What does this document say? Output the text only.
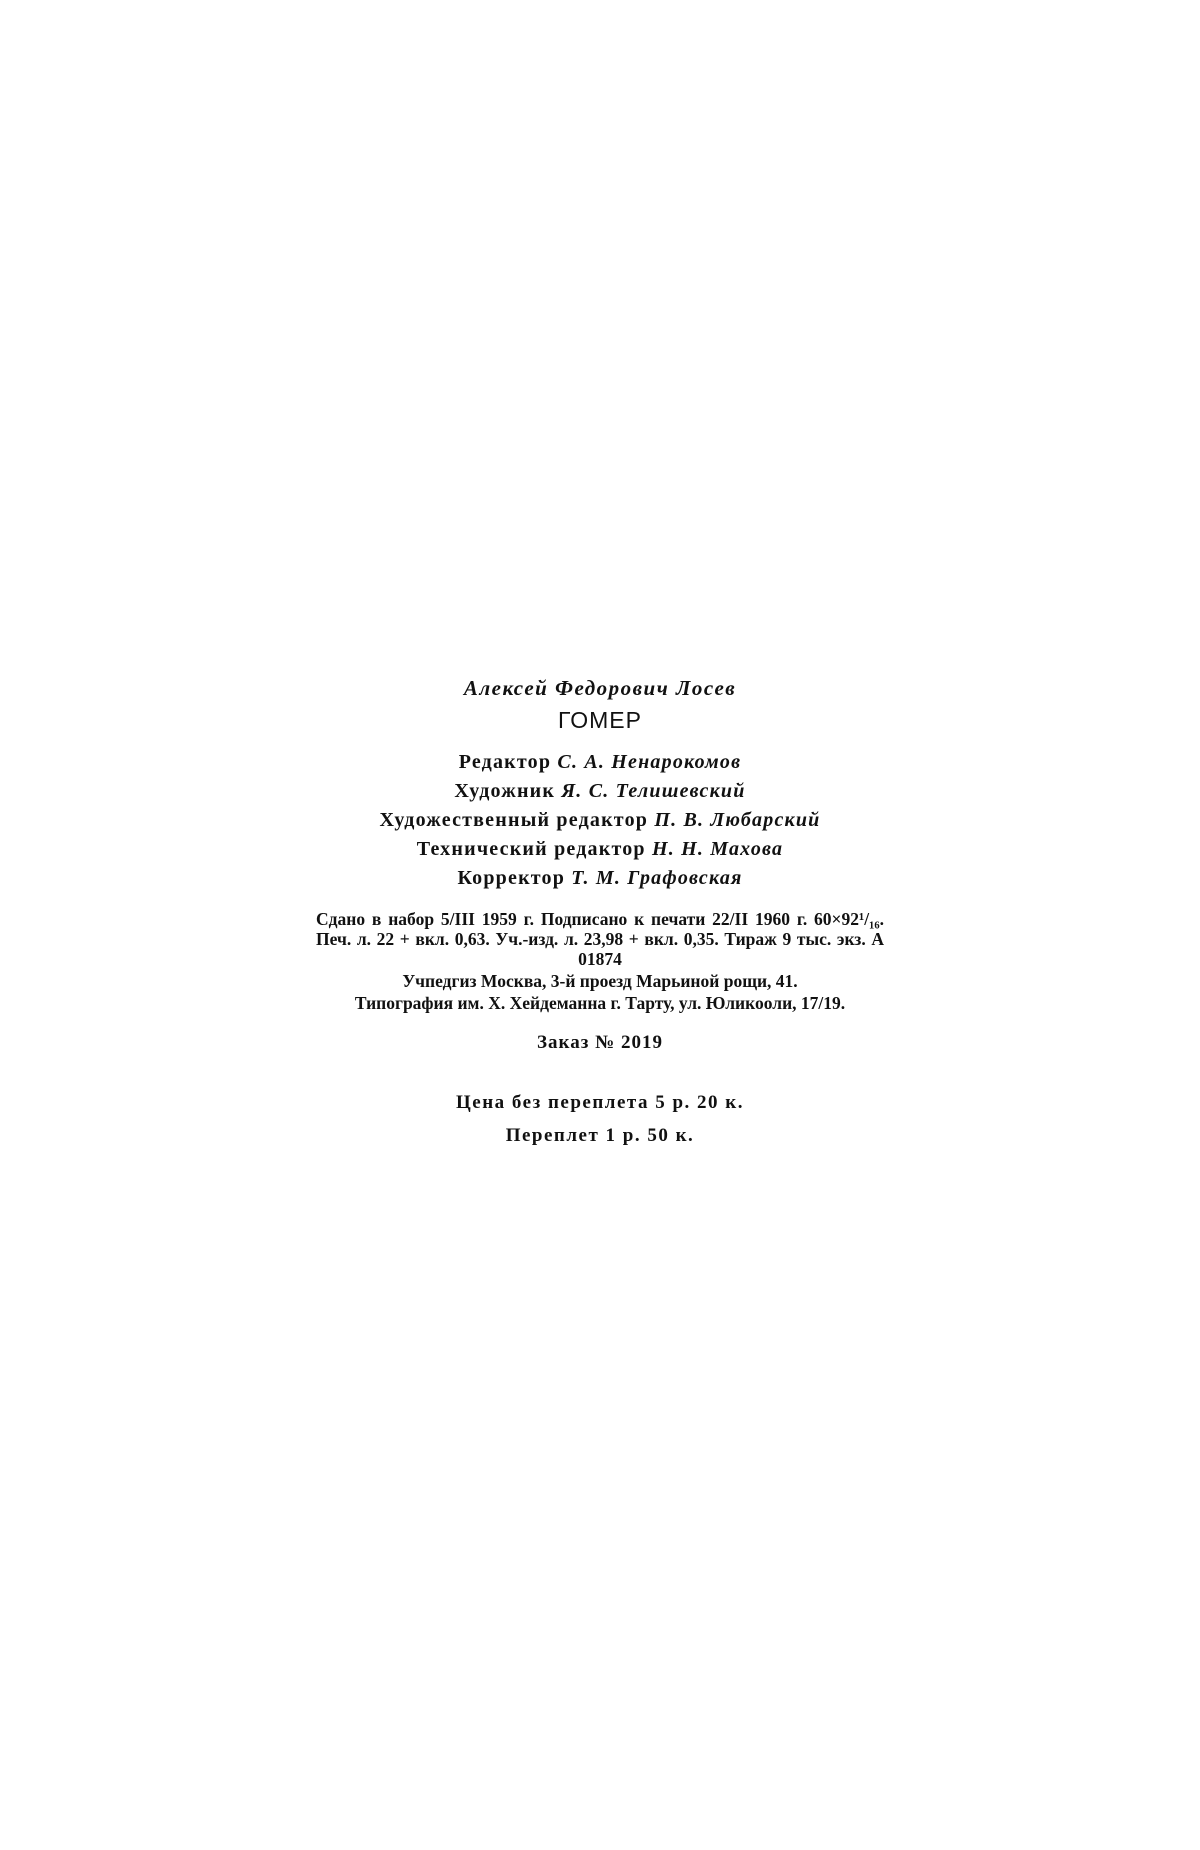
Алексей Федорович Лосев
ГОМЕР
Редактор С. А. Ненарокомов
Художник Я. С. Телишевский
Художественный редактор П. В. Любарский
Технический редактор Н. Н. Махова
Корректор Т. М. Графовская
Сдано в набор 5/III 1959 г. Подписано к печати 22/II 1960 г. 60×92¹/₁₆. Печ. л. 22 + вкл. 0,63. Уч.-изд. л. 23,98 + вкл. 0,35. Тираж 9 тыс. экз. А 01874
Учпедгиз Москва, 3-й проезд Марьиной рощи, 41.
Типография им. Х. Хейдеманна г. Тарту, ул. Юликооли, 17/19.
Заказ № 2019
Цена без переплета 5 р. 20 к.
Переплет 1 р. 50 к.
